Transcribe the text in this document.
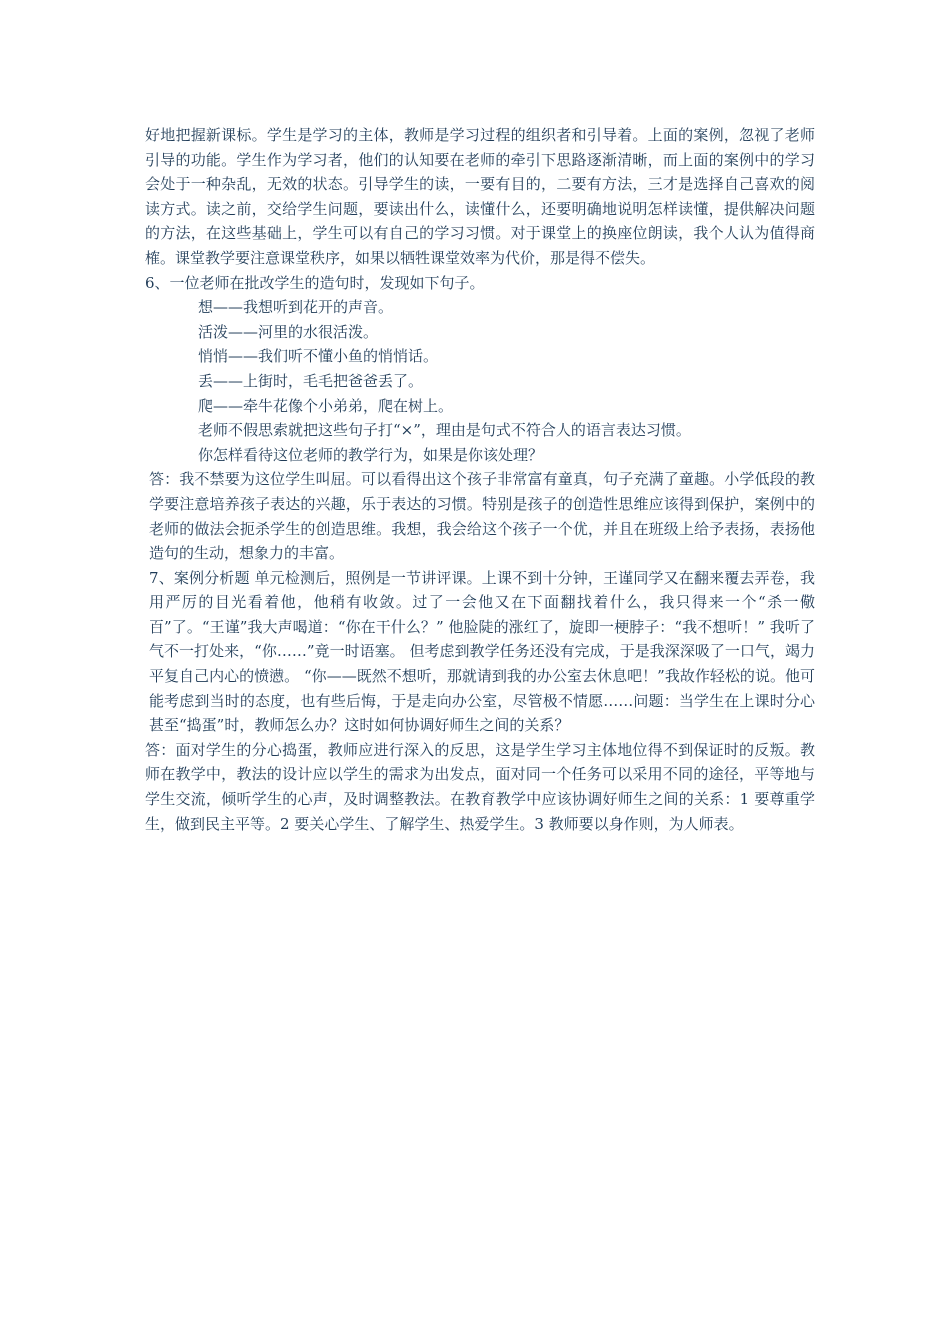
好地把握新课标。学生是学习的主体，教师是学习过程的组织者和引导着。上面的案例，忽视了老师引导的功能。学生作为学习者，他们的认知要在老师的牵引下思路逐渐清晰，而上面的案例中的学习会处于一种杂乱，无效的状态。引导学生的读，一要有目的，二要有方法，三才是选择自己喜欢的阅读方式。读之前，交给学生问题，要读出什么，读懂什么，还要明确地说明怎样读懂，提供解决问题的方法，在这些基础上，学生可以有自己的学习习惯。对于课堂上的换座位朗读，我个人认为值得商榷。课堂教学要注意课堂秩序，如果以牺牲课堂效率为代价，那是得不偿失。

6、一位老师在批改学生的造句时，发现如下句子。

想——我想听到花开的声音。

活泼——河里的水很活泼。

悄悄——我们听不懂小鱼的悄悄话。

丢——上街时，毛毛把爸爸丢了。

爬——牵牛花像个小弟弟，爬在树上。

老师不假思索就把这些句子打“×”，理由是句式不符合人的语言表达习惯。

你怎样看待这位老师的教学行为，如果是你该处理？

答：我不禁要为这位学生叫屈。可以看得出这个孩子非常富有童真，句子充满了童趣。小学低段的教学要注意培养孩子表达的兴趣，乐于表达的习惯。特别是孩子的创造性思维应该得到保护，案例中的老师的做法会扼杀学生的创造思维。我想，我会给这个孩子一个优，并且在班级上给予表扬，表扬他造句的生动，想象力的丰富。

7、案例分析题 单元检测后，照例是一节讲评课。上课不到十分钟，王谨同学又在翻来覆去弄卷，我用严厉的目光看着他，他稍有收敛。过了一会他又在下面翻找着什么，我只得来一个“杀一儆百”了。“王谨”我大声喝道：“你在干什么？” 他脸陡的涨红了，旋即一梗脖子：“我不想听！” 我听了气不一打处来，“你……”竟一时语塞。 但考虑到教学任务还没有完成，于是我深深吸了一口气，竭力平复自己内心的愤懑。 “你——既然不想听，那就请到我的办公室去休息吧！”我故作轻松的说。他可能考虑到当时的态度，也有些后悔，于是走向办公室，尽管极不情愿……问题：当学生在上课时分心甚至“捣蛋”时，教师怎么办？这时如何协调好师生之间的关系？

答：面对学生的分心捣蛋，教师应进行深入的反思，这是学生学习主体地位得不到保证时的反叛。教师在教学中，教法的设计应以学生的需求为出发点，面对同一个任务可以采用不同的途径，平等地与学生交流，倾听学生的心声，及时调整教法。在教育教学中应该协调好师生之间的关系：1 要尊重学生，做到民主平等。2 要关心学生、了解学生、热爱学生。3 教师要以身作则，为人师表。
